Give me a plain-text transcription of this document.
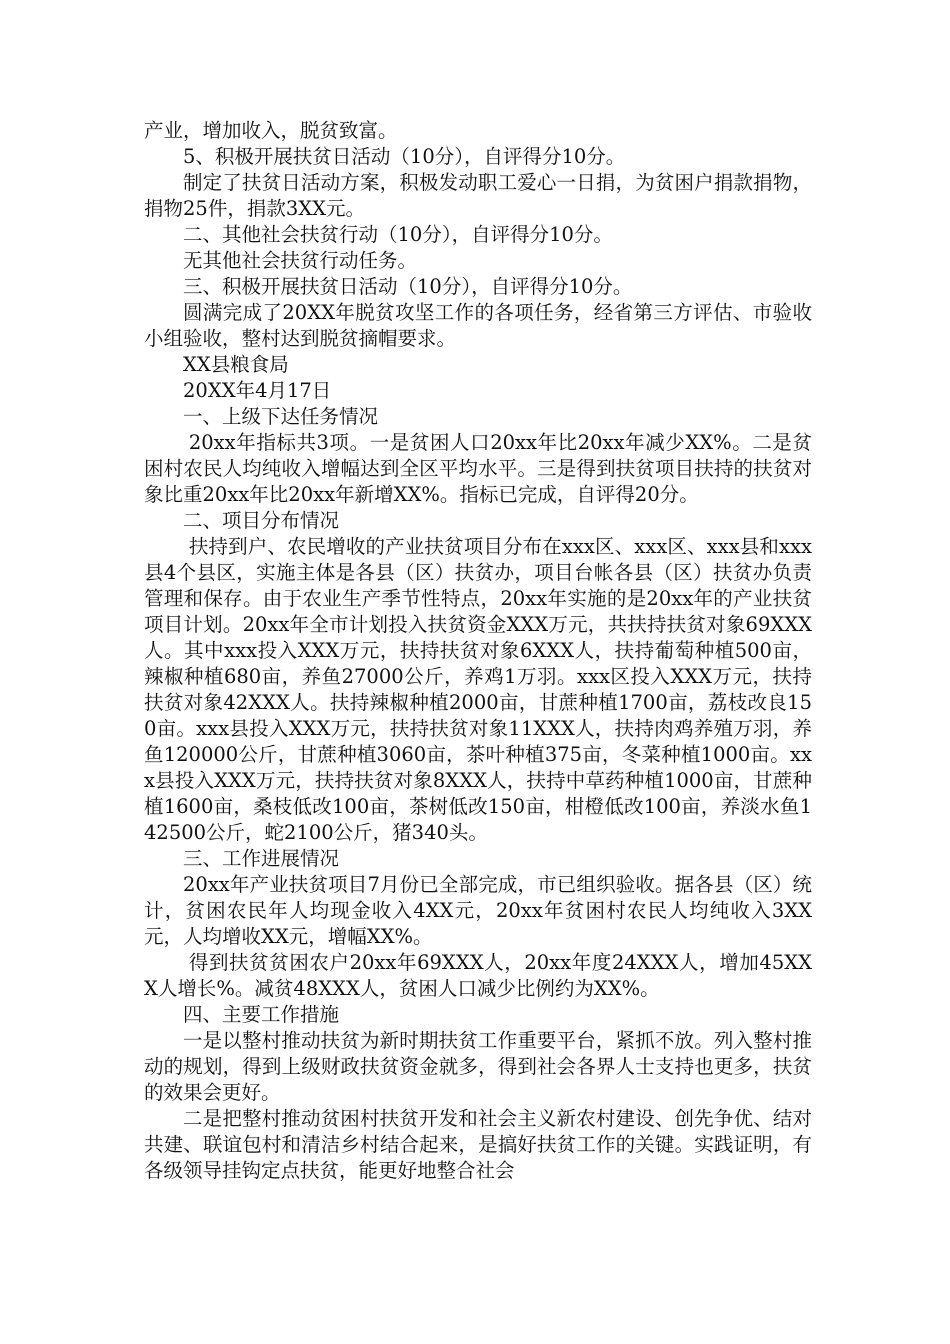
产业，增加收入，脱贫致富。

5、积极开展扶贫日活动（10分），自评得分10分。

制定了扶贫日活动方案，积极发动职工爱心一日捐，为贫困户捐款捐物，捐物25件，捐款3XX元。

二、其他社会扶贫行动（10分），自评得分10分。

无其他社会扶贫行动任务。

三、积极开展扶贫日活动（10分），自评得分10分。

圆满完成了20XX年脱贫攻坚工作的各项任务，经省第三方评估、市验收小组验收，整村达到脱贫摘帽要求。

XX县粮食局

20XX年4月17日

一、上级下达任务情况

20xx年指标共3项。一是贫困人口20xx年比20xx年减少XX%。二是贫困村农民人均纯收入增幅达到全区平均水平。三是得到扶贫项目扶持的扶贫对象比重20xx年比20xx年新增XX%。指标已完成，自评得20分。

二、项目分布情况

扶持到户、农民增收的产业扶贫项目分布在xxx区、xxx区、xxx县和xxx县4个县区，实施主体是各县（区）扶贫办，项目台帐各县（区）扶贫办负责管理和保存。由于农业生产季节性特点，20xx年实施的是20xx年的产业扶贫项目计划。20xx年全市计划投入扶贫资金XXX万元，共扶持扶贫对象69XXX人。其中xxx投入XXX万元，扶持扶贫对象6XXX人，扶持葡萄种植500亩，辣椒种植680亩，养鱼27000公斤，养鸡1万羽。xxx区投入XXX万元，扶持扶贫对象42XXX人。扶持辣椒种植2000亩，甘蔗种植1700亩，荔枝改良150亩。xxx县投入XXX万元，扶持扶贫对象11XXX人，扶持肉鸡养殖万羽，养鱼120000公斤，甘蔗种植3060亩，茶叶种植375亩，冬菜种植1000亩。xxx县投入XXX万元，扶持扶贫对象8XXX人，扶持中草药种植1000亩，甘蔗种植1600亩，桑枝低改100亩，茶树低改150亩，柑橙低改100亩，养淡水鱼142500公斤，蛇2100公斤，猪340头。

三、工作进展情况

20xx年产业扶贫项目7月份已全部完成，市已组织验收。据各县（区）统计，贫困农民年人均现金收入4XX元，20xx年贫困村农民人均纯收入3XX元，人均增收XX元，增幅XX%。

得到扶贫贫困农户20xx年69XXX人，20xx年度24XXX人，增加45XXX人增长%。减贫48XXX人，贫困人口减少比例约为XX%。

四、主要工作措施

一是以整村推动扶贫为新时期扶贫工作重要平台，紧抓不放。列入整村推动的规划，得到上级财政扶贫资金就多，得到社会各界人士支持也更多，扶贫的效果会更好。

二是把整村推动贫困村扶贫开发和社会主义新农村建设、创先争优、结对共建、联谊包村和清洁乡村结合起来，是搞好扶贫工作的关键。实践证明，有各级领导挂钩定点扶贫，能更好地整合社会
